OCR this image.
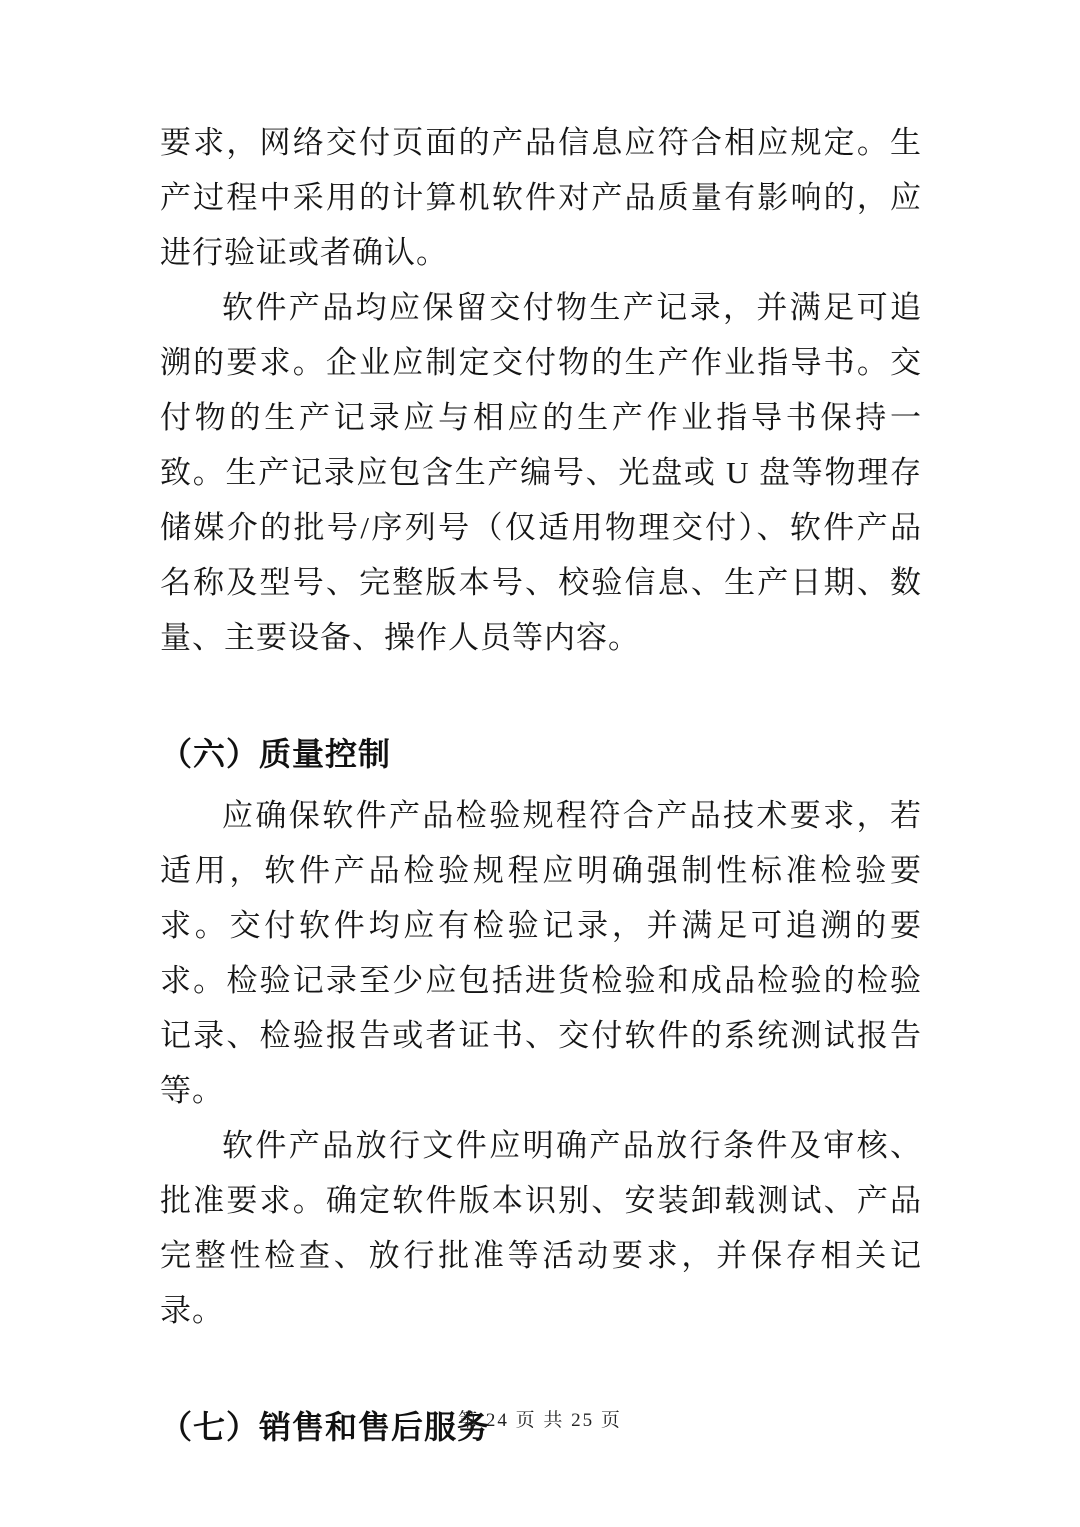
要求，网络交付页面的产品信息应符合相应规定。生产过程中采用的计算机软件对产品质量有影响的，应进行验证或者确认。

软件产品均应保留交付物生产记录，并满足可追溯的要求。企业应制定交付物的生产作业指导书。交付物的生产记录应与相应的生产作业指导书保持一致。生产记录应包含生产编号、光盘或 U 盘等物理存储媒介的批号/序列号（仅适用物理交付）、软件产品名称及型号、完整版本号、校验信息、生产日期、数量、主要设备、操作人员等内容。

（六）质量控制

应确保软件产品检验规程符合产品技术要求，若适用，软件产品检验规程应明确强制性标准检验要求。交付软件均应有检验记录，并满足可追溯的要求。检验记录至少应包括进货检验和成品检验的检验记录、检验报告或者证书、交付软件的系统测试报告等。

软件产品放行文件应明确产品放行条件及审核、批准要求。确定软件版本识别、安装卸载测试、产品完整性检查、放行批准等活动要求，并保存相关记录。

（七）销售和售后服务
第 24 页 共 25 页
